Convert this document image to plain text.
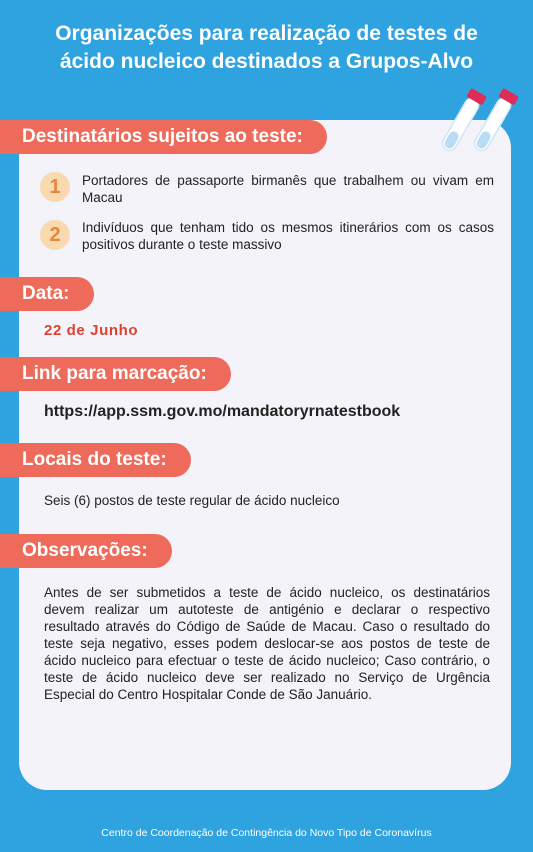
Organizações para realização de testes de
ácido nucleico destinados a Grupos-Alvo
Destinatários sujeitos ao teste:
1	Portadores de passaporte birmanês que trabalhem ou vivam em Macau
2	Indivíduos que tenham tido os mesmos itinerários com os casos positivos durante o teste massivo
Data:
22 de Junho
Link para marcação:
https://app.ssm.gov.mo/mandatoryrnatestbook
Locais do teste:
Seis (6) postos de teste regular de ácido nucleico
Observações:
Antes de ser submetidos a teste de ácido nucleico, os destinatários devem realizar um autoteste de antigénio e declarar o respectivo resultado através do Código de Saúde de Macau. Caso o resultado do teste seja negativo, esses podem deslocar-se aos postos de teste de ácido nucleico para efectuar o teste de ácido nucleico; Caso contrário, o teste de ácido nucleico deve ser realizado no Serviço de Urgência Especial do Centro Hospitalar Conde de São Januário.
Centro de Coordenação de Contingência do Novo Tipo de Coronavírus
